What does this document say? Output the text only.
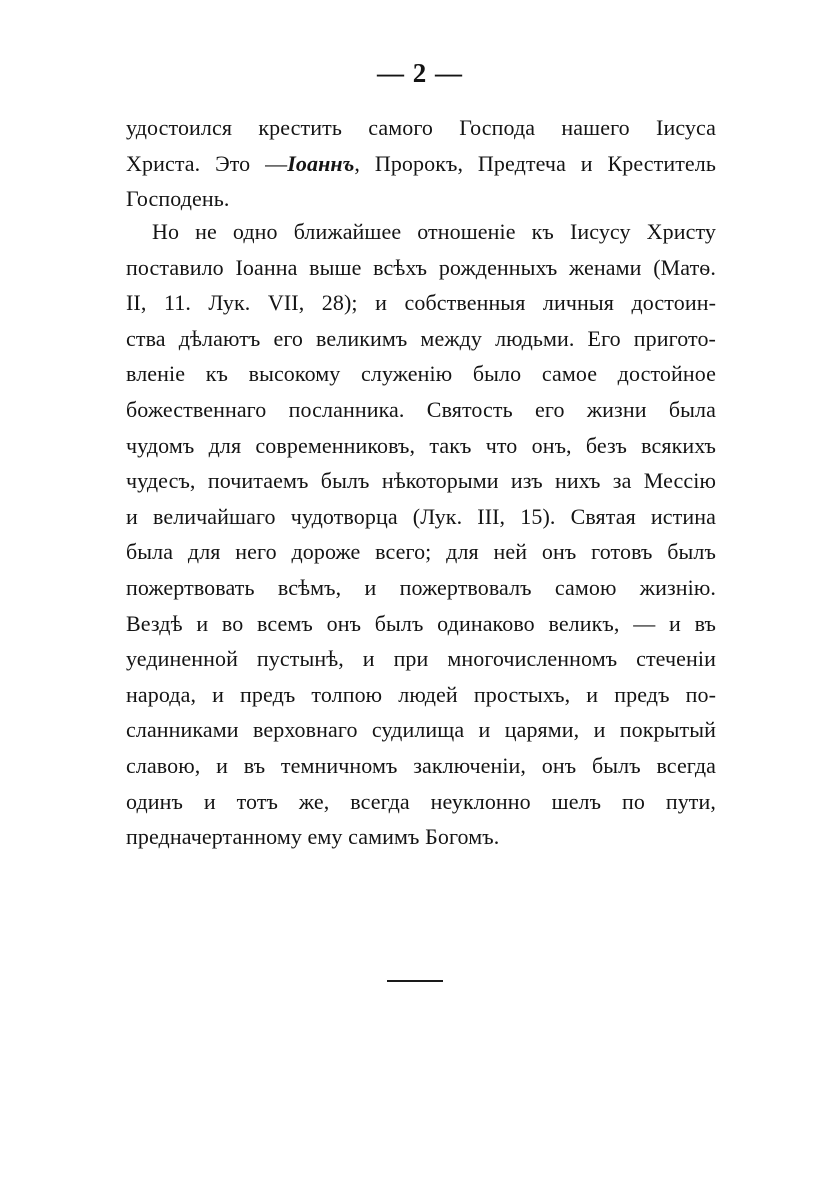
— 2 —
удостоился крестить самого Господа нашего Іисуса
Христа. Это —Іоаннъ, Пророкъ, Предтеча и Креститель
Господень.
Но не одно ближайшее отношеніе къ Іисусу Христу
поставило Іоанна выше всѣхъ рожденныхъ женами (Матѳ.
II, 11. Лук. VII, 28); и собственныя личныя достоин-
ства дѣлаютъ его великимъ между людьми. Его пригото-
вленіе къ высокому служенію было самое достойное
божественнаго посланника. Святость его жизни была
чудомъ для современниковъ, такъ что онъ, безъ всякихъ
чудесъ, почитаемъ былъ нѣкоторыми изъ нихъ за Мессію
и величайшаго чудотворца (Лук. III, 15). Святая истина
была для него дороже всего; для ней онъ готовъ былъ
пожертвовать всѣмъ, и пожертвовалъ самою жизнію.
Вездѣ и во всемъ онъ былъ одинаково великъ, — и въ
уединенной пустынѣ, и при многочисленномъ стеченіи
народа, и предъ толпою людей простыхъ, и предъ по-
сланниками верховнаго судилища и царями, и покрытый
славою, и въ темничномъ заключеніи, онъ былъ всегда
одинъ и тотъ же, всегда неуклонно шелъ по пути,
предначертанному ему самимъ Богомъ.
